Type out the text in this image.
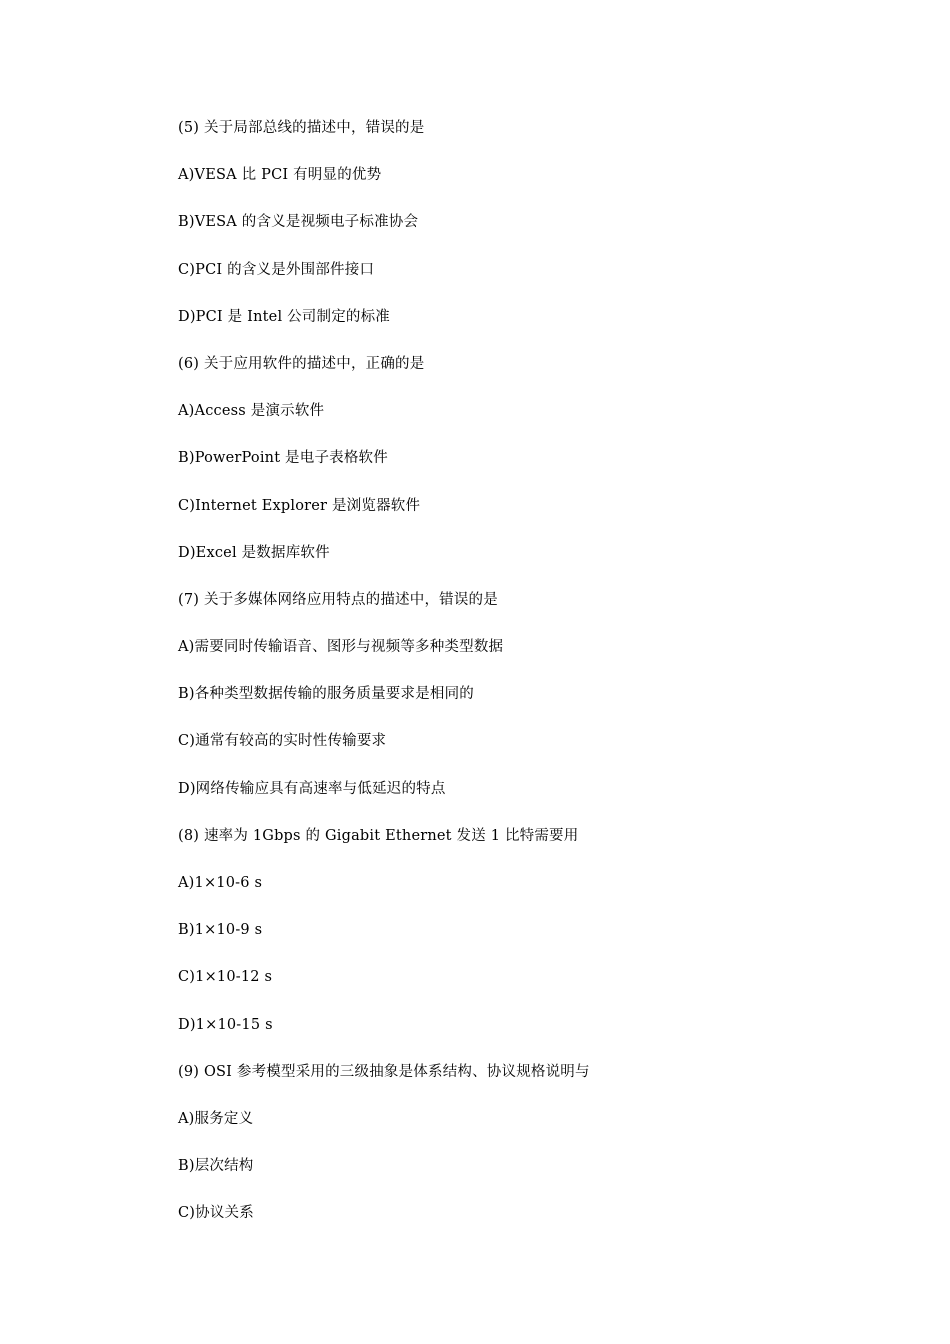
(5) 关于局部总线的描述中，错误的是
A)VESA 比 PCI 有明显的优势
B)VESA 的含义是视频电子标准协会
C)PCI 的含义是外围部件接口
D)PCI 是 Intel 公司制定的标准
(6) 关于应用软件的描述中，正确的是
A)Access 是演示软件
B)PowerPoint 是电子表格软件
C)Internet Explorer 是浏览器软件
D)Excel 是数据库软件
(7) 关于多媒体网络应用特点的描述中，错误的是
A)需要同时传输语音、图形与视频等多种类型数据
B)各种类型数据传输的服务质量要求是相同的
C)通常有较高的实时性传输要求
D)网络传输应具有高速率与低延迟的特点
(8) 速率为 1Gbps 的 Gigabit Ethernet 发送 1 比特需要用
A)1×10-6 s
B)1×10-9 s
C)1×10-12 s
D)1×10-15 s
(9) OSI 参考模型采用的三级抽象是体系结构、协议规格说明与
A)服务定义
B)层次结构
C)协议关系
